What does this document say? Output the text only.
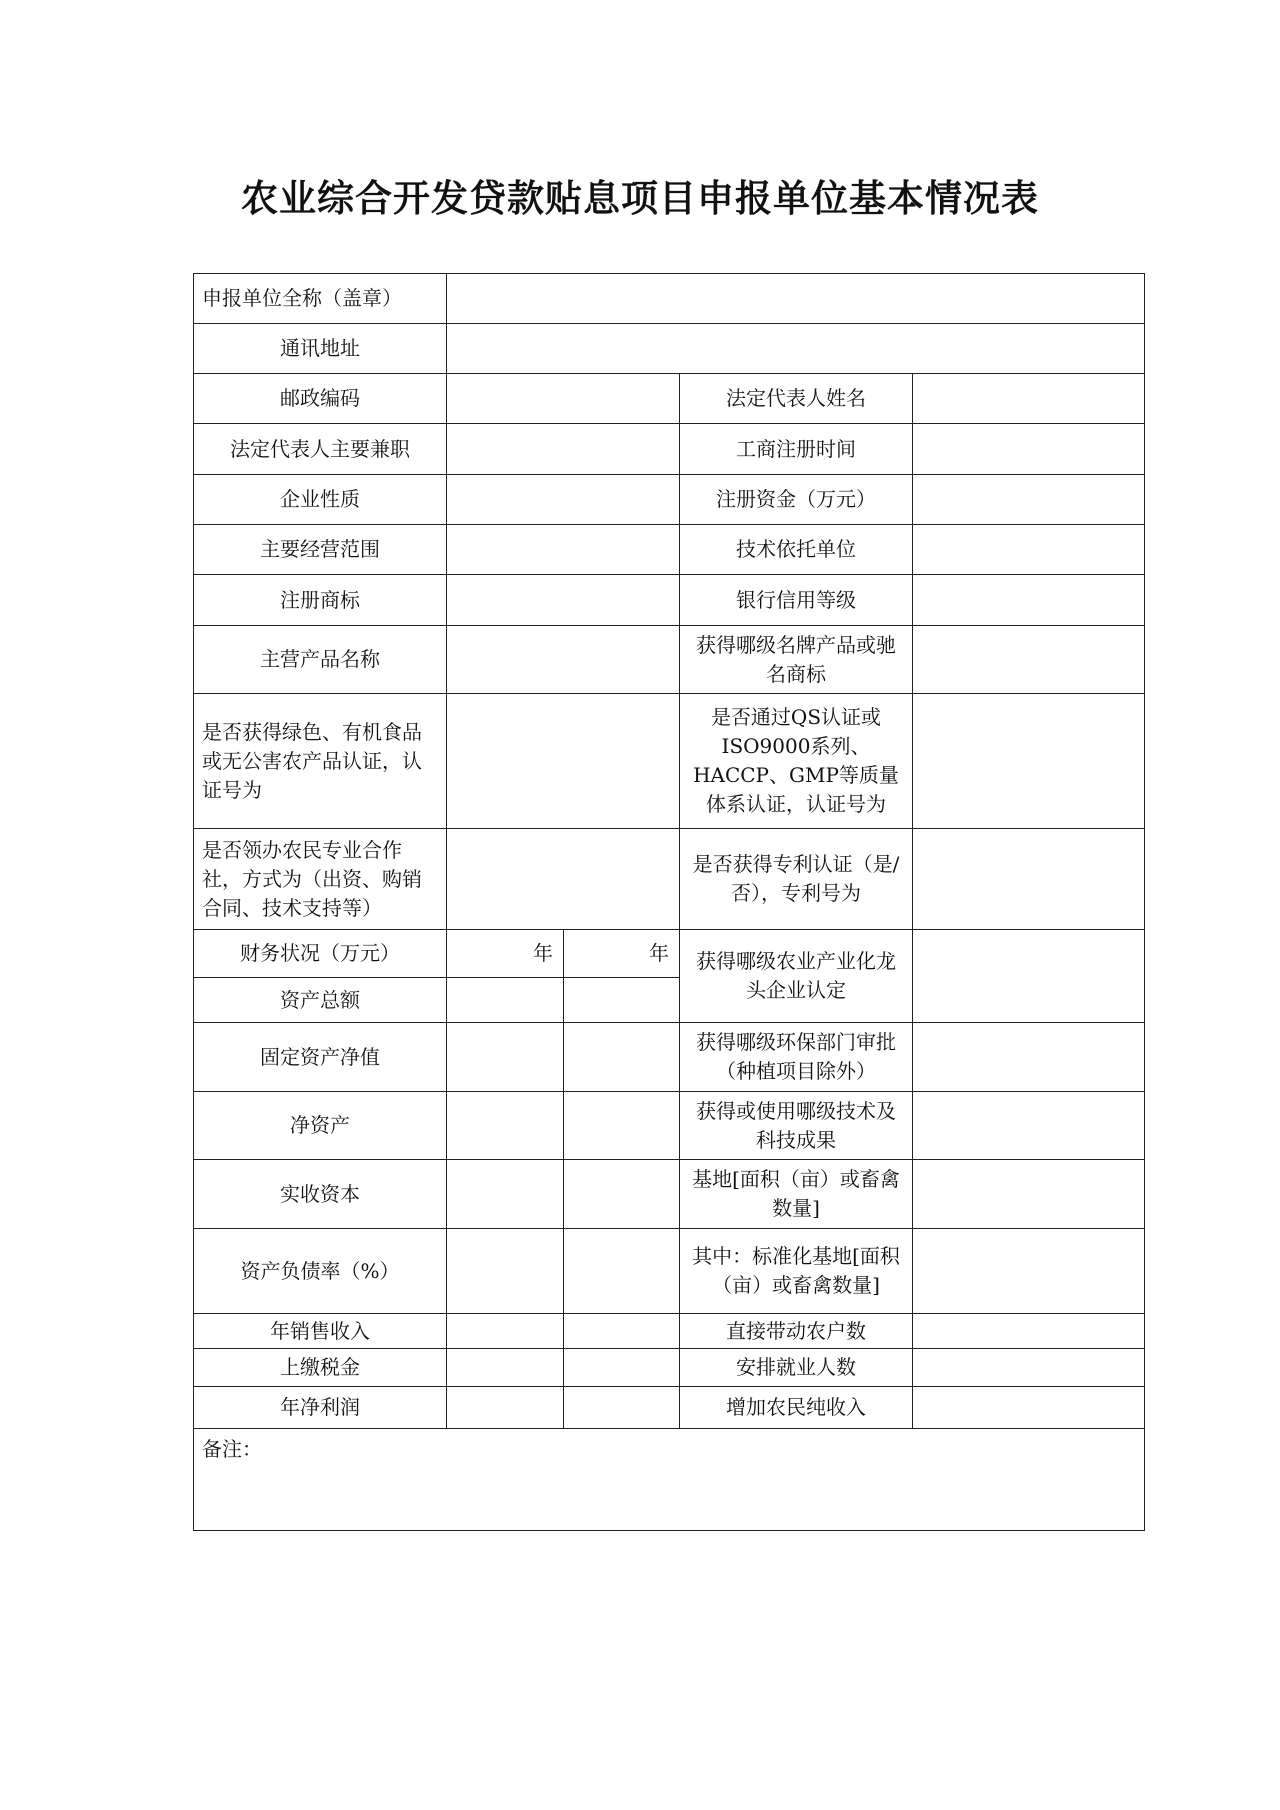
农业综合开发贷款贴息项目申报单位基本情况表
申报单位全称（盖章）				
通讯地址				
邮政编码			法定代表人姓名	
法定代表人主要兼职			工商注册时间	
企业性质			注册资金（万元）	
主要经营范围			技术依托单位	
注册商标			银行信用等级	
主营产品名称			获得哪级名牌产品或驰名商标	
是否获得绿色、有机食品或无公害农产品认证，认证号为			是否通过QS认证或ISO9000系列、HACCP、GMP等质量体系认证，认证号为	
是否领办农民专业合作社，方式为（出资、购销合同、技术支持等）			是否获得专利认证（是/否），专利号为	
财务状况（万元）	年	年	获得哪级农业产业化龙头企业认定	
资产总额				
固定资产净值			获得哪级环保部门审批（种植项目除外）	
净资产			获得或使用哪级技术及科技成果	
实收资本			基地[面积（亩）或畜禽数量]	
资产负债率（%）			其中：标准化基地[面积（亩）或畜禽数量]	
年销售收入			直接带动农户数	
上缴税金			安排就业人数	
年净利润			增加农民纯收入	
备注：				
